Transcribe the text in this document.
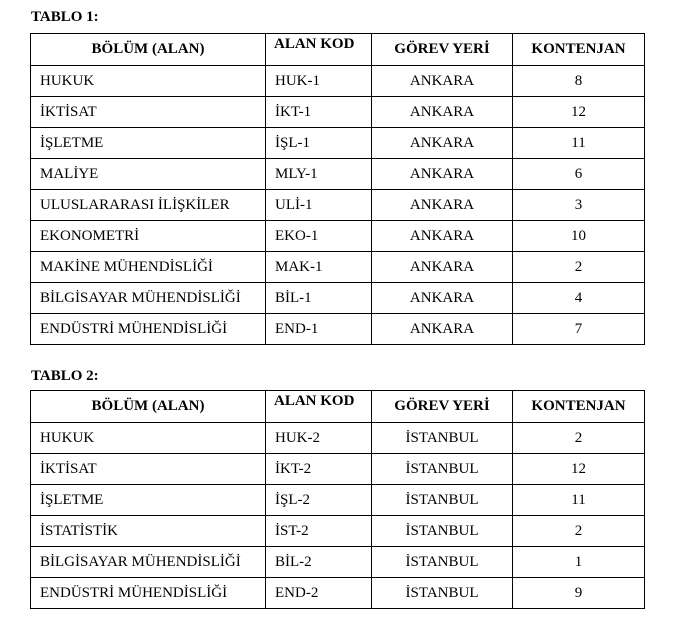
TABLO 1:

BÖLÜM (ALAN)	ALAN KOD	GÖREV YERİ	KONTENJAN
HUKUK	HUK-1	ANKARA	8
İKTİSAT	İKT-1	ANKARA	12
İŞLETME	İŞL-1	ANKARA	11
MALİYE	MLY-1	ANKARA	6
ULUSLARARASI İLİŞKİLER	ULİ-1	ANKARA	3
EKONOMETRİ	EKO-1	ANKARA	10
MAKİNE MÜHENDİSLİĞİ	MAK-1	ANKARA	2
BİLGİSAYAR MÜHENDİSLİĞİ	BİL-1	ANKARA	4
ENDÜSTRİ MÜHENDİSLİĞİ	END-1	ANKARA	7

TABLO 2:

BÖLÜM (ALAN)	ALAN KOD	GÖREV YERİ	KONTENJAN
HUKUK	HUK-2	İSTANBUL	2
İKTİSAT	İKT-2	İSTANBUL	12
İŞLETME	İŞL-2	İSTANBUL	11
İSTATİSTİK	İST-2	İSTANBUL	2
BİLGİSAYAR MÜHENDİSLİĞİ	BİL-2	İSTANBUL	1
ENDÜSTRİ MÜHENDİSLİĞİ	END-2	İSTANBUL	9
